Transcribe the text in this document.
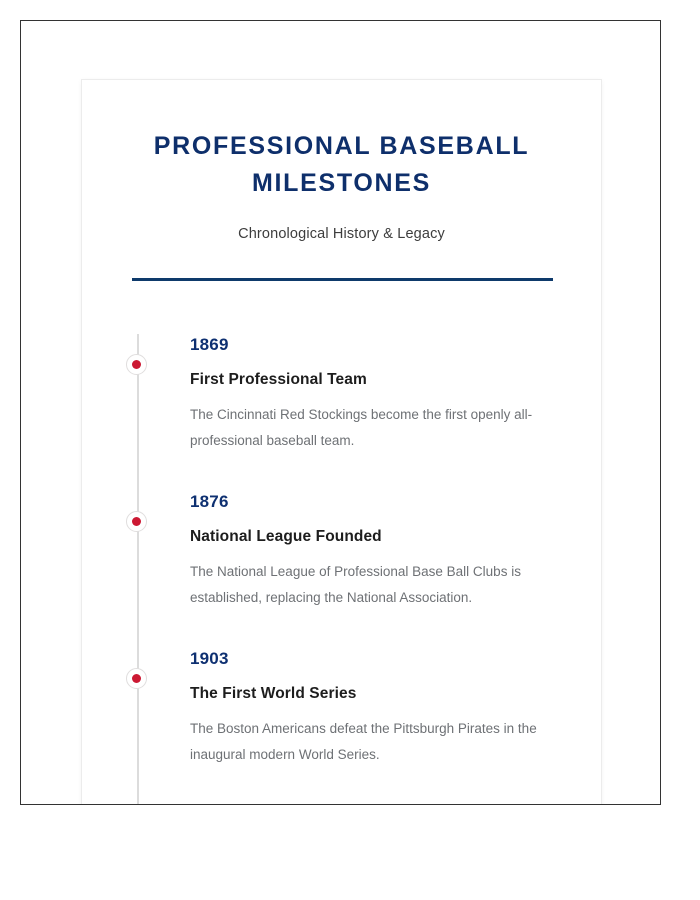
PROFESSIONAL BASEBALL MILESTONES

Chronological History & Legacy

1869

First Professional Team

The Cincinnati Red Stockings become the first openly all-professional baseball team.

1876

National League Founded

The National League of Professional Base Ball Clubs is established, replacing the National Association.

1903

The First World Series

The Boston Americans defeat the Pittsburgh Pirates in the inaugural modern World Series.
